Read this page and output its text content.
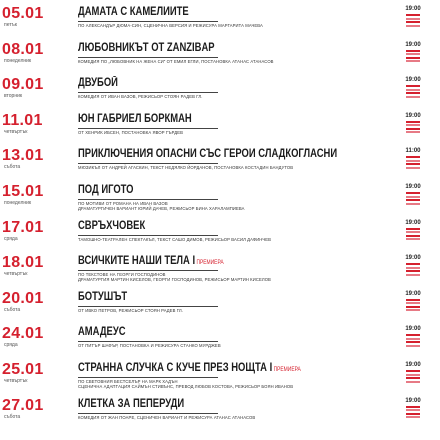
05.01
петък
ДАМАТА С КАМЕЛИИТЕ
ПО АЛЕКСАНДЪР ДЮМА-СИН, СЦЕНИЧНА ВЕРСИЯ И РЕЖИСУРА МАРГАРИТА МАЧЕВА
19:00
08.01
понеделник
ЛЮБОВНИКЪТ ОТ ZANZIBAP
КОМЕДИЯ ПО „ЛЮБОВНИК НА ЖЕНА СИ“ ОТ ЕМИЛ ЕГЛИ, ПОСТАНОВКА АТАНАС АТАНАСОВ
19:00
09.01
вторник
ДВУБОЙ
КОМЕДИЯ ОТ ИВАН ВАЗОВ, РЕЖИСЬОР СТОЯН РАДЕВ ГЛ.
19:00
11.01
четвъртък
ЮН ГАБРИЕЛ БОРКМАН
ОТ ХЕНРИК ИБСЕН, ПОСТАНОВКА ЯВОР ГЪРДЕВ
19:00
13.01
събота
ПРИКЛЮЧЕНИЯ ОПАСНИ СЪС ГЕРОИ СЛАДКОГЛАСНИ
МЮЗИКЪЛ ОТ АНДРЕЙ АГАСКИН, ТЕКСТ НЕДЯЛКО ЙОРДАНОВ, ПОСТАНОВКА КОСТАДИН БАНДУТОВ
11:00
15.01
понеделник
ПОД ИГОТО
ПО МОТИВИ ОТ РОМАНА НА ИВАН ВАЗОВ
ДРАМАТУРГИЧЕН ВАРИАНТ ЮРИЙ ДАЧЕВ, РЕЖИСЬОР БИНА ХАРАЛАМПИЕВА
19:00
17.01
сряда
СВРЪХЧОВЕК
ТАМОШНО-ТЕАТРАЛЕН СПЕКТАКЪЛ, ТЕКСТ САШО ДИМОВ, РЕЖИСЬОР ВАСИЛ ДАФИНЧЕВ
19:00
18.01
четвъртък
ВСИЧКИТЕ НАШИ ТЕЛА I ПРЕМИЕРА
ПО ТЕКСТОВЕ НА ГЕОРГИ ГОСПОДИНОВ
ДРАМАТУРГИЯ МАРТИН КИСЕЛОВ, ГЕОРГИ ГОСПОДИНОВ, РЕЖИСЬОР МАРТИН КИСЕЛОВ
19:00
20.01
събота
БОТУШЪТ
ОТ ИВКО ПЕТРОВ, РЕЖИСЬОР СТОЯН РАДЕВ ГЛ.
19:00
24.01
сряда
АМАДЕУС
ОТ ПИТЪР ШАФЪР, ПОСТАНОВКА И РЕЖИСУРА СТАНКО МУРДЖЕВ
19:00
25.01
четвъртък
СТРАННА СЛУЧКА С КУЧЕ ПРЕЗ НОЩТА I ПРЕМИЕРА
ПО СВЕТОВНИЯ БЕСТСЕЛЪР НА МАРК ХАДЪН
СЦЕНИЧНА АДАПТАЦИЯ САЙМЪН СТИВЪНС, ПРЕВОД ЛЮБОВ КОСТОВА, РЕЖИСЬОР БОЯН ИВАНОВ
19:00
27.01
събота
КЛЕТКА ЗА ПЕПЕРУДИ
КОМЕДИЯ ОТ ЖАН ПОАРЕ, СЦЕНИЧЕН ВАРИАНТ И РЕЖИСУРА АТАНАС АТАНАСОВ
19:00
